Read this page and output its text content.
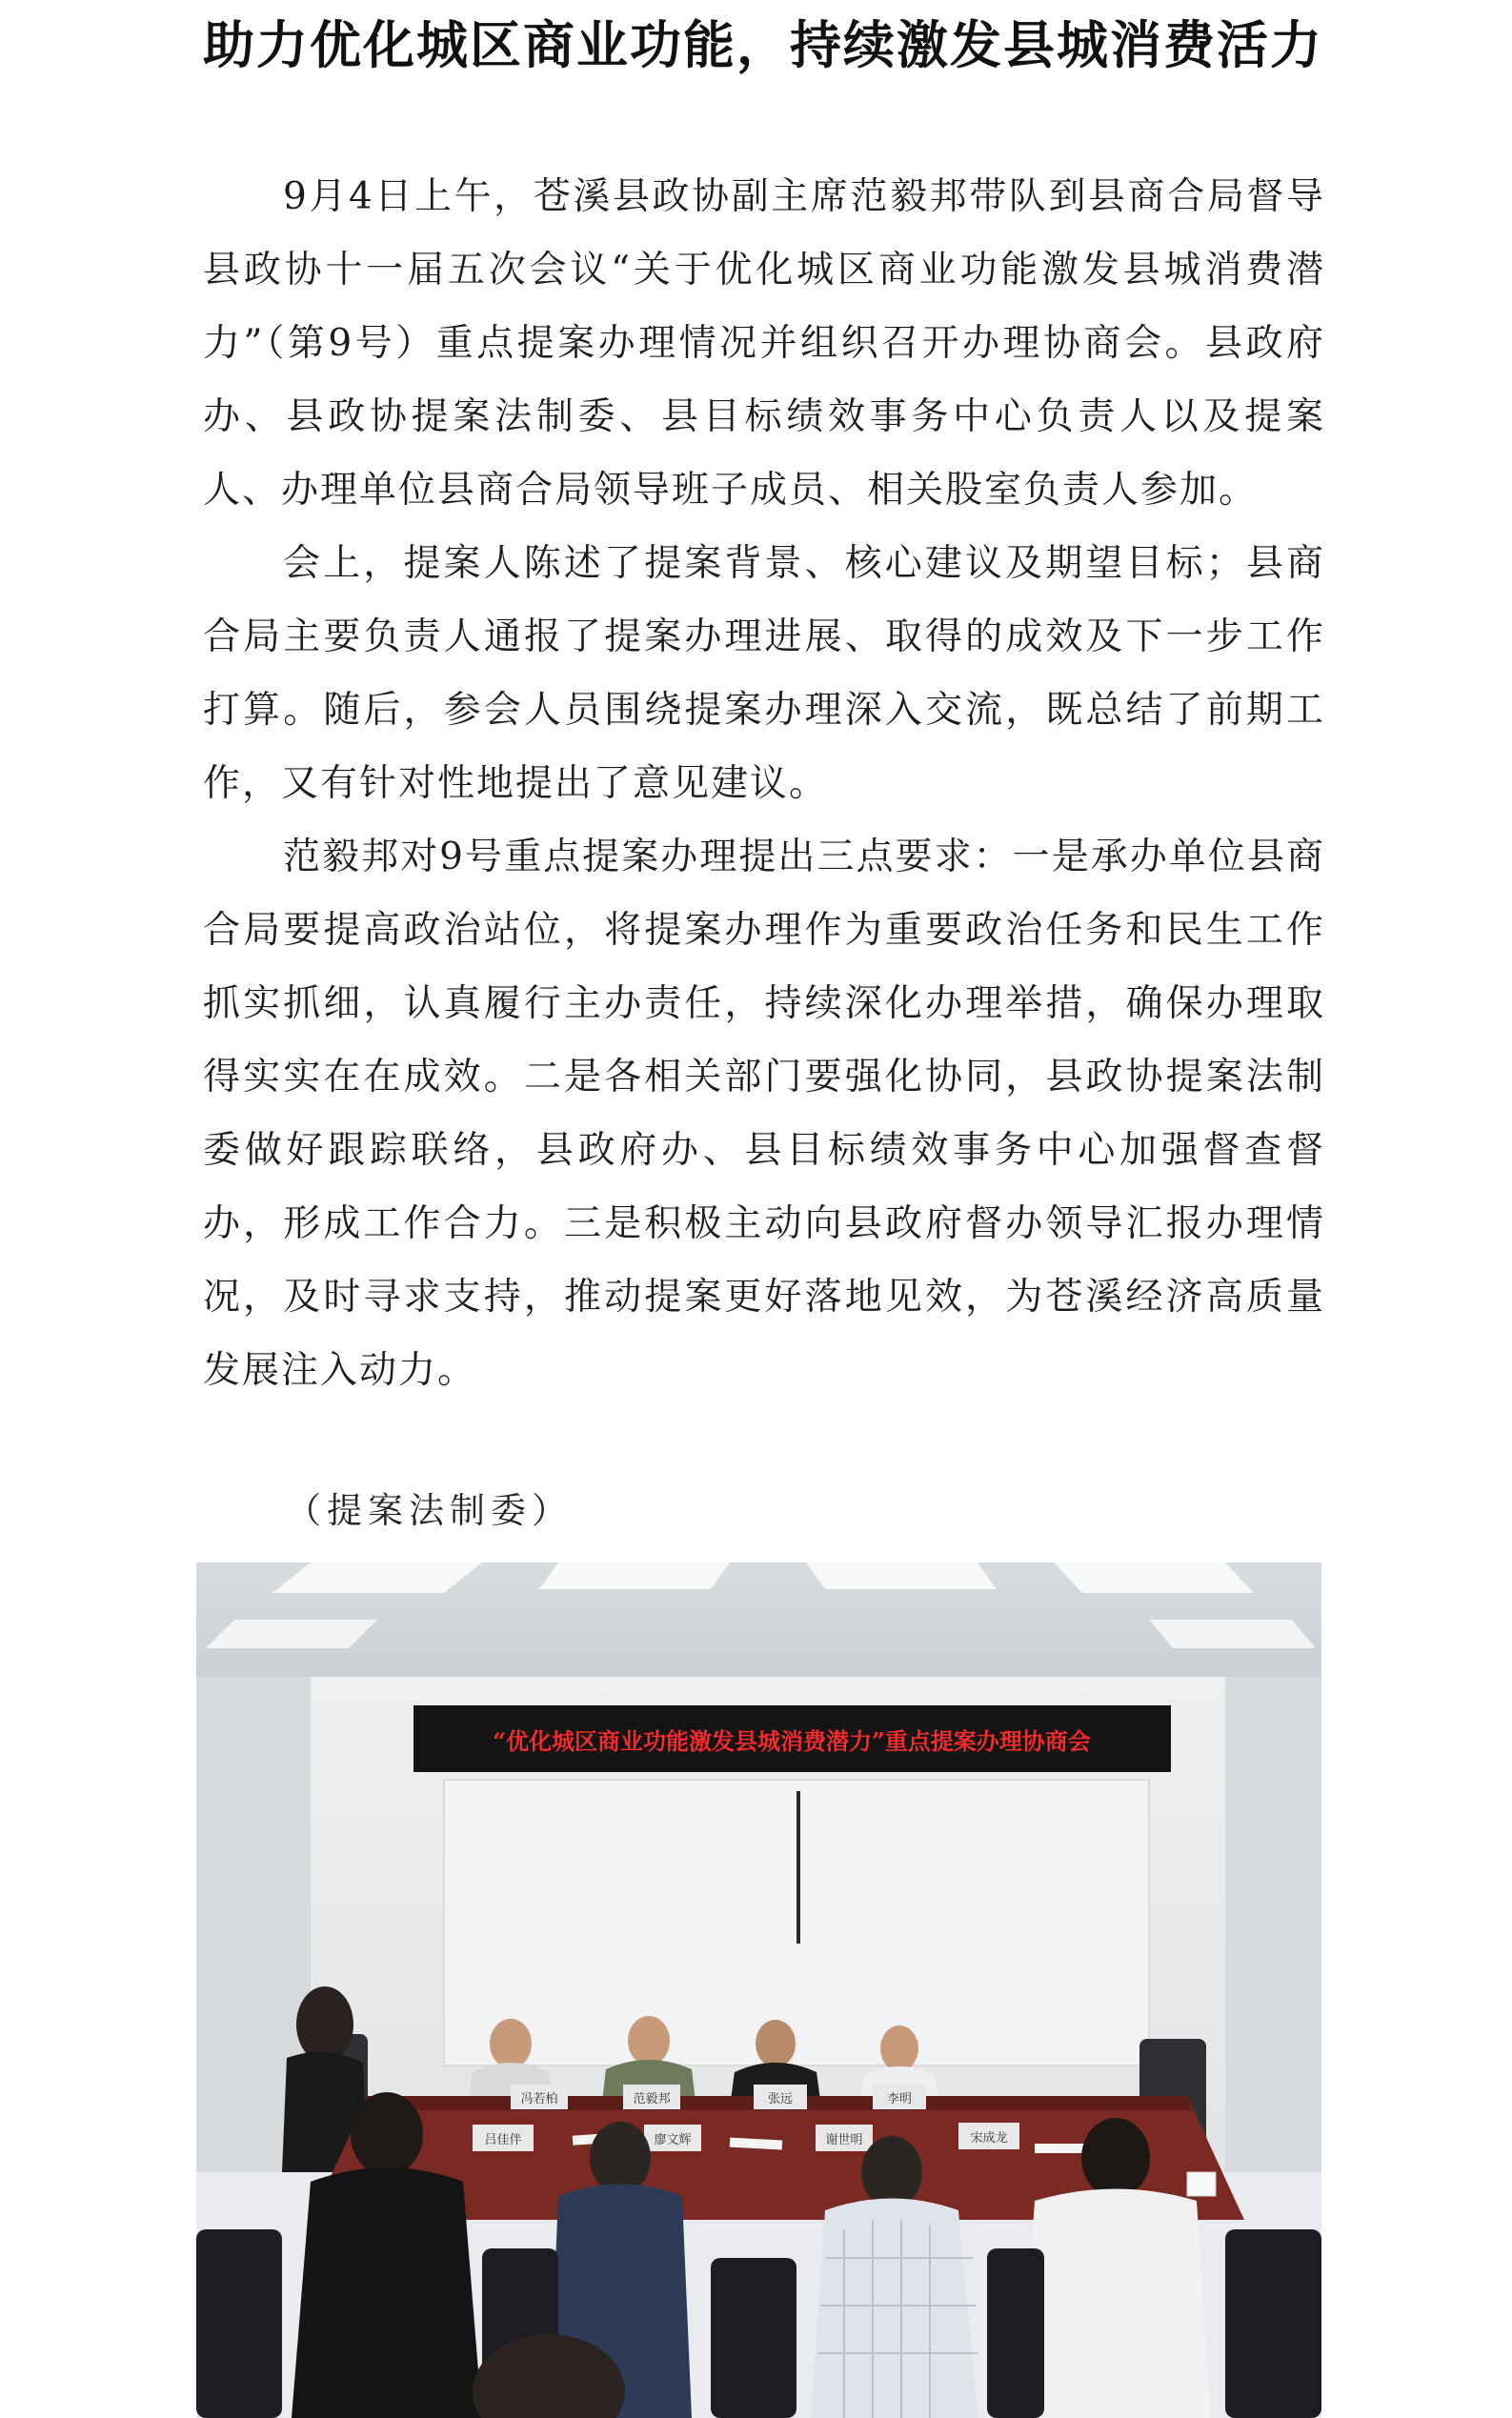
助力优化城区商业功能，持续激发县城消费活力

9月4日上午，苍溪县政协副主席范毅邦带队到县商合局督导县政协十一届五次会议“关于优化城区商业功能激发县城消费潜力”（第9号）重点提案办理情况并组织召开办理协商会。县政府办、县政协提案法制委、县目标绩效事务中心负责人以及提案人、办理单位县商合局领导班子成员、相关股室负责人参加。

会上，提案人陈述了提案背景、核心建议及期望目标；县商合局主要负责人通报了提案办理进展、取得的成效及下一步工作打算。随后，参会人员围绕提案办理深入交流，既总结了前期工作，又有针对性地提出了意见建议。

范毅邦对9号重点提案办理提出三点要求：一是承办单位县商合局要提高政治站位，将提案办理作为重要政治任务和民生工作抓实抓细，认真履行主办责任，持续深化办理举措，确保办理取得实实在在成效。二是各相关部门要强化协同，县政协提案法制委做好跟踪联络，县政府办、县目标绩效事务中心加强督查督办，形成工作合力。三是积极主动向县政府督办领导汇报办理情况，及时寻求支持，推动提案更好落地见效，为苍溪经济高质量发展注入动力。

（提案法制委）

“优化城区商业功能激发县城消费潜力”重点提案办理协商会
冯若柏	范毅邦	张远	李明
吕佳伴	廖文辉	谢世明	宋成龙
